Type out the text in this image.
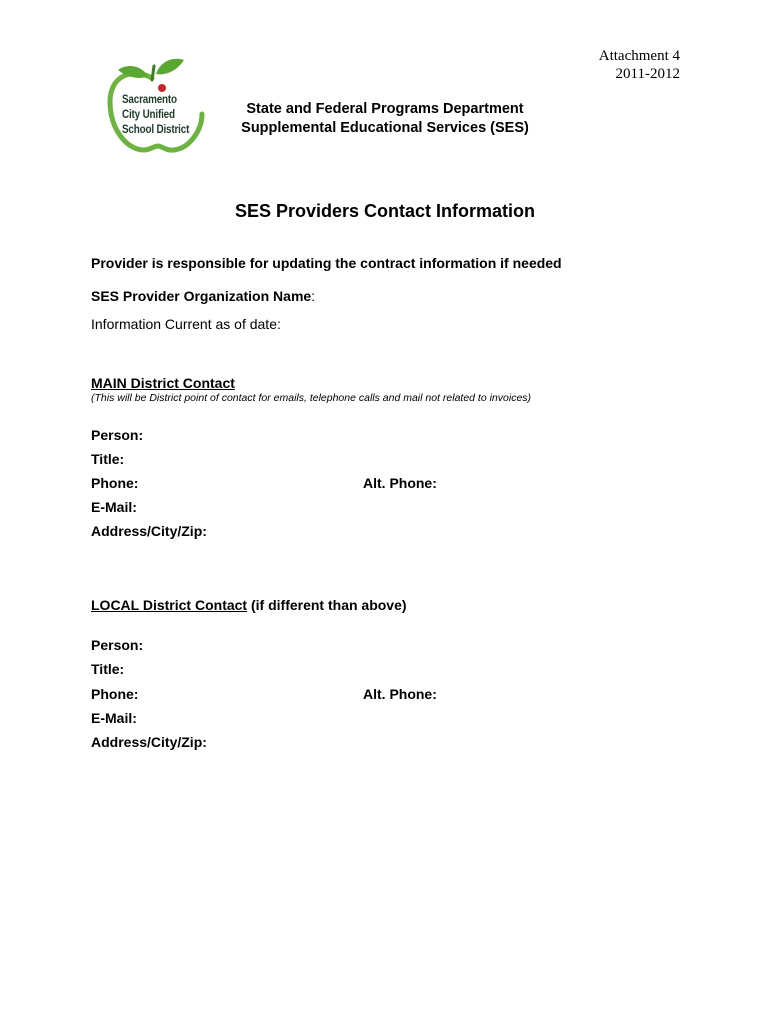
Attachment 4
2011-2012
Sacramento
City Unified
School District
State and Federal Programs Department
Supplemental Educational Services (SES)
SES Providers Contact Information
Provider is responsible for updating the contract information if needed
SES Provider Organization Name:
Information Current as of date:
MAIN District Contact
(This will be District point of contact for emails, telephone calls and mail not related to invoices)
Person:
Title:
Phone:	Alt. Phone:
E-Mail:
Address/City/Zip:
LOCAL District Contact (if different than above)
Person:
Title:
Phone:	Alt. Phone:
E-Mail:
Address/City/Zip:
